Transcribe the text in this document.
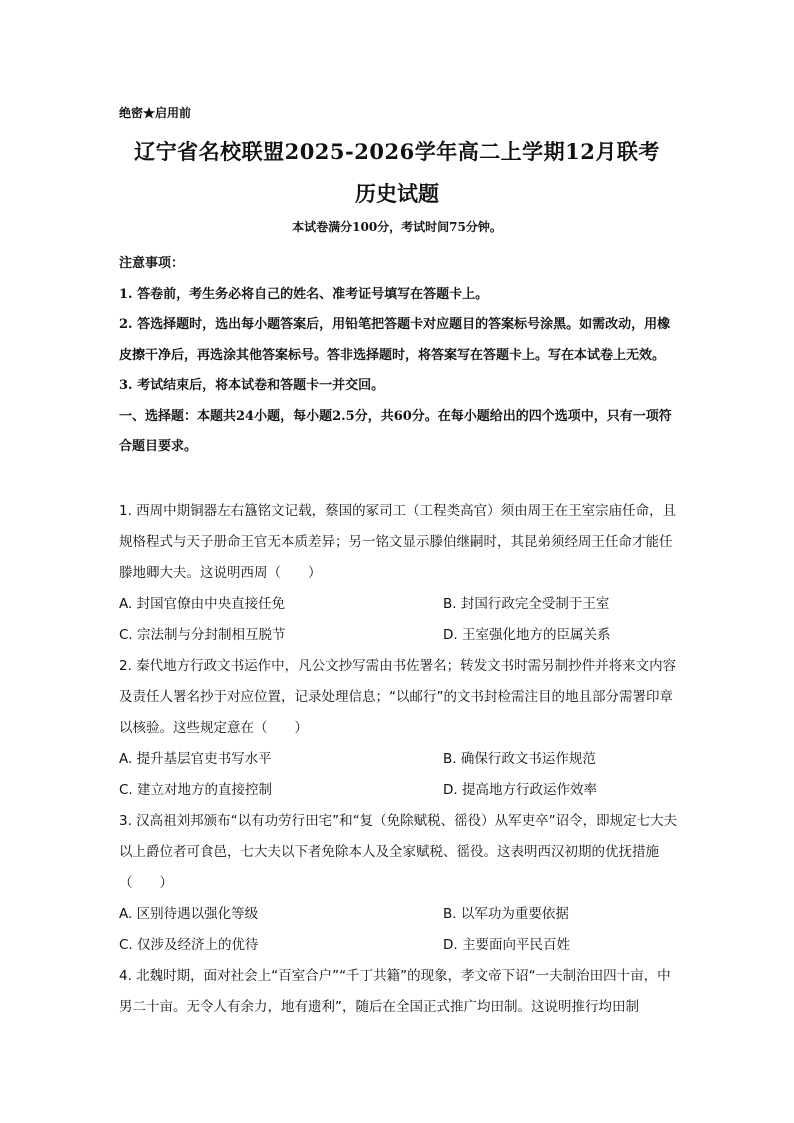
绝密★启用前
辽宁省名校联盟2025-2026学年高二上学期12月联考
历史试题
本试卷满分100分，考试时间75分钟。

注意事项：

1. 答卷前，考生务必将自己的姓名、准考证号填写在答题卡上。

2. 答选择题时，选出每小题答案后，用铅笔把答题卡对应题目的答案标号涂黑。如需改动，用橡皮擦干净后，再选涂其他答案标号。答非选择题时，将答案写在答题卡上。写在本试卷上无效。

3. 考试结束后，将本试卷和答题卡一并交回。

一、选择题：本题共24小题，每小题2.5分，共60分。在每小题给出的四个选项中，只有一项符合题目要求。

1. 西周中期铜器左右簋铭文记载，蔡国的冢司工（工程类高官）须由周王在王室宗庙任命，且规格程式与天子册命王官无本质差异；另一铭文显示滕伯继嗣时，其昆弟须经周王任命才能任滕地卿大夫。这说明西周（　　）

A. 封国官僚由中央直接任免	B. 封国行政完全受制于王室
C. 宗法制与分封制相互脱节	D. 王室强化地方的臣属关系

2. 秦代地方行政文书运作中，凡公文抄写需由书佐署名；转发文书时需另制抄件并将来文内容及责任人署名抄于对应位置，记录处理信息；“以邮行”的文书封检需注目的地且部分需署印章以核验。这些规定意在（　　）

A. 提升基层官吏书写水平	B. 确保行政文书运作规范
C. 建立对地方的直接控制	D. 提高地方行政运作效率

3. 汉高祖刘邦颁布“以有功劳行田宅”和“复（免除赋税、徭役）从军吏卒”诏令，即规定七大夫以上爵位者可食邑，七大夫以下者免除本人及全家赋税、徭役。这表明西汉初期的优抚措施（　　）

A. 区别待遇以强化等级	B. 以军功为重要依据
C. 仅涉及经济上的优待	D. 主要面向平民百姓

4. 北魏时期，面对社会上“百室合户”“千丁共籍”的现象，孝文帝下诏“一夫制治田四十亩，中男二十亩。无令人有余力，地有遗利”，随后在全国正式推广均田制。这说明推行均田制
